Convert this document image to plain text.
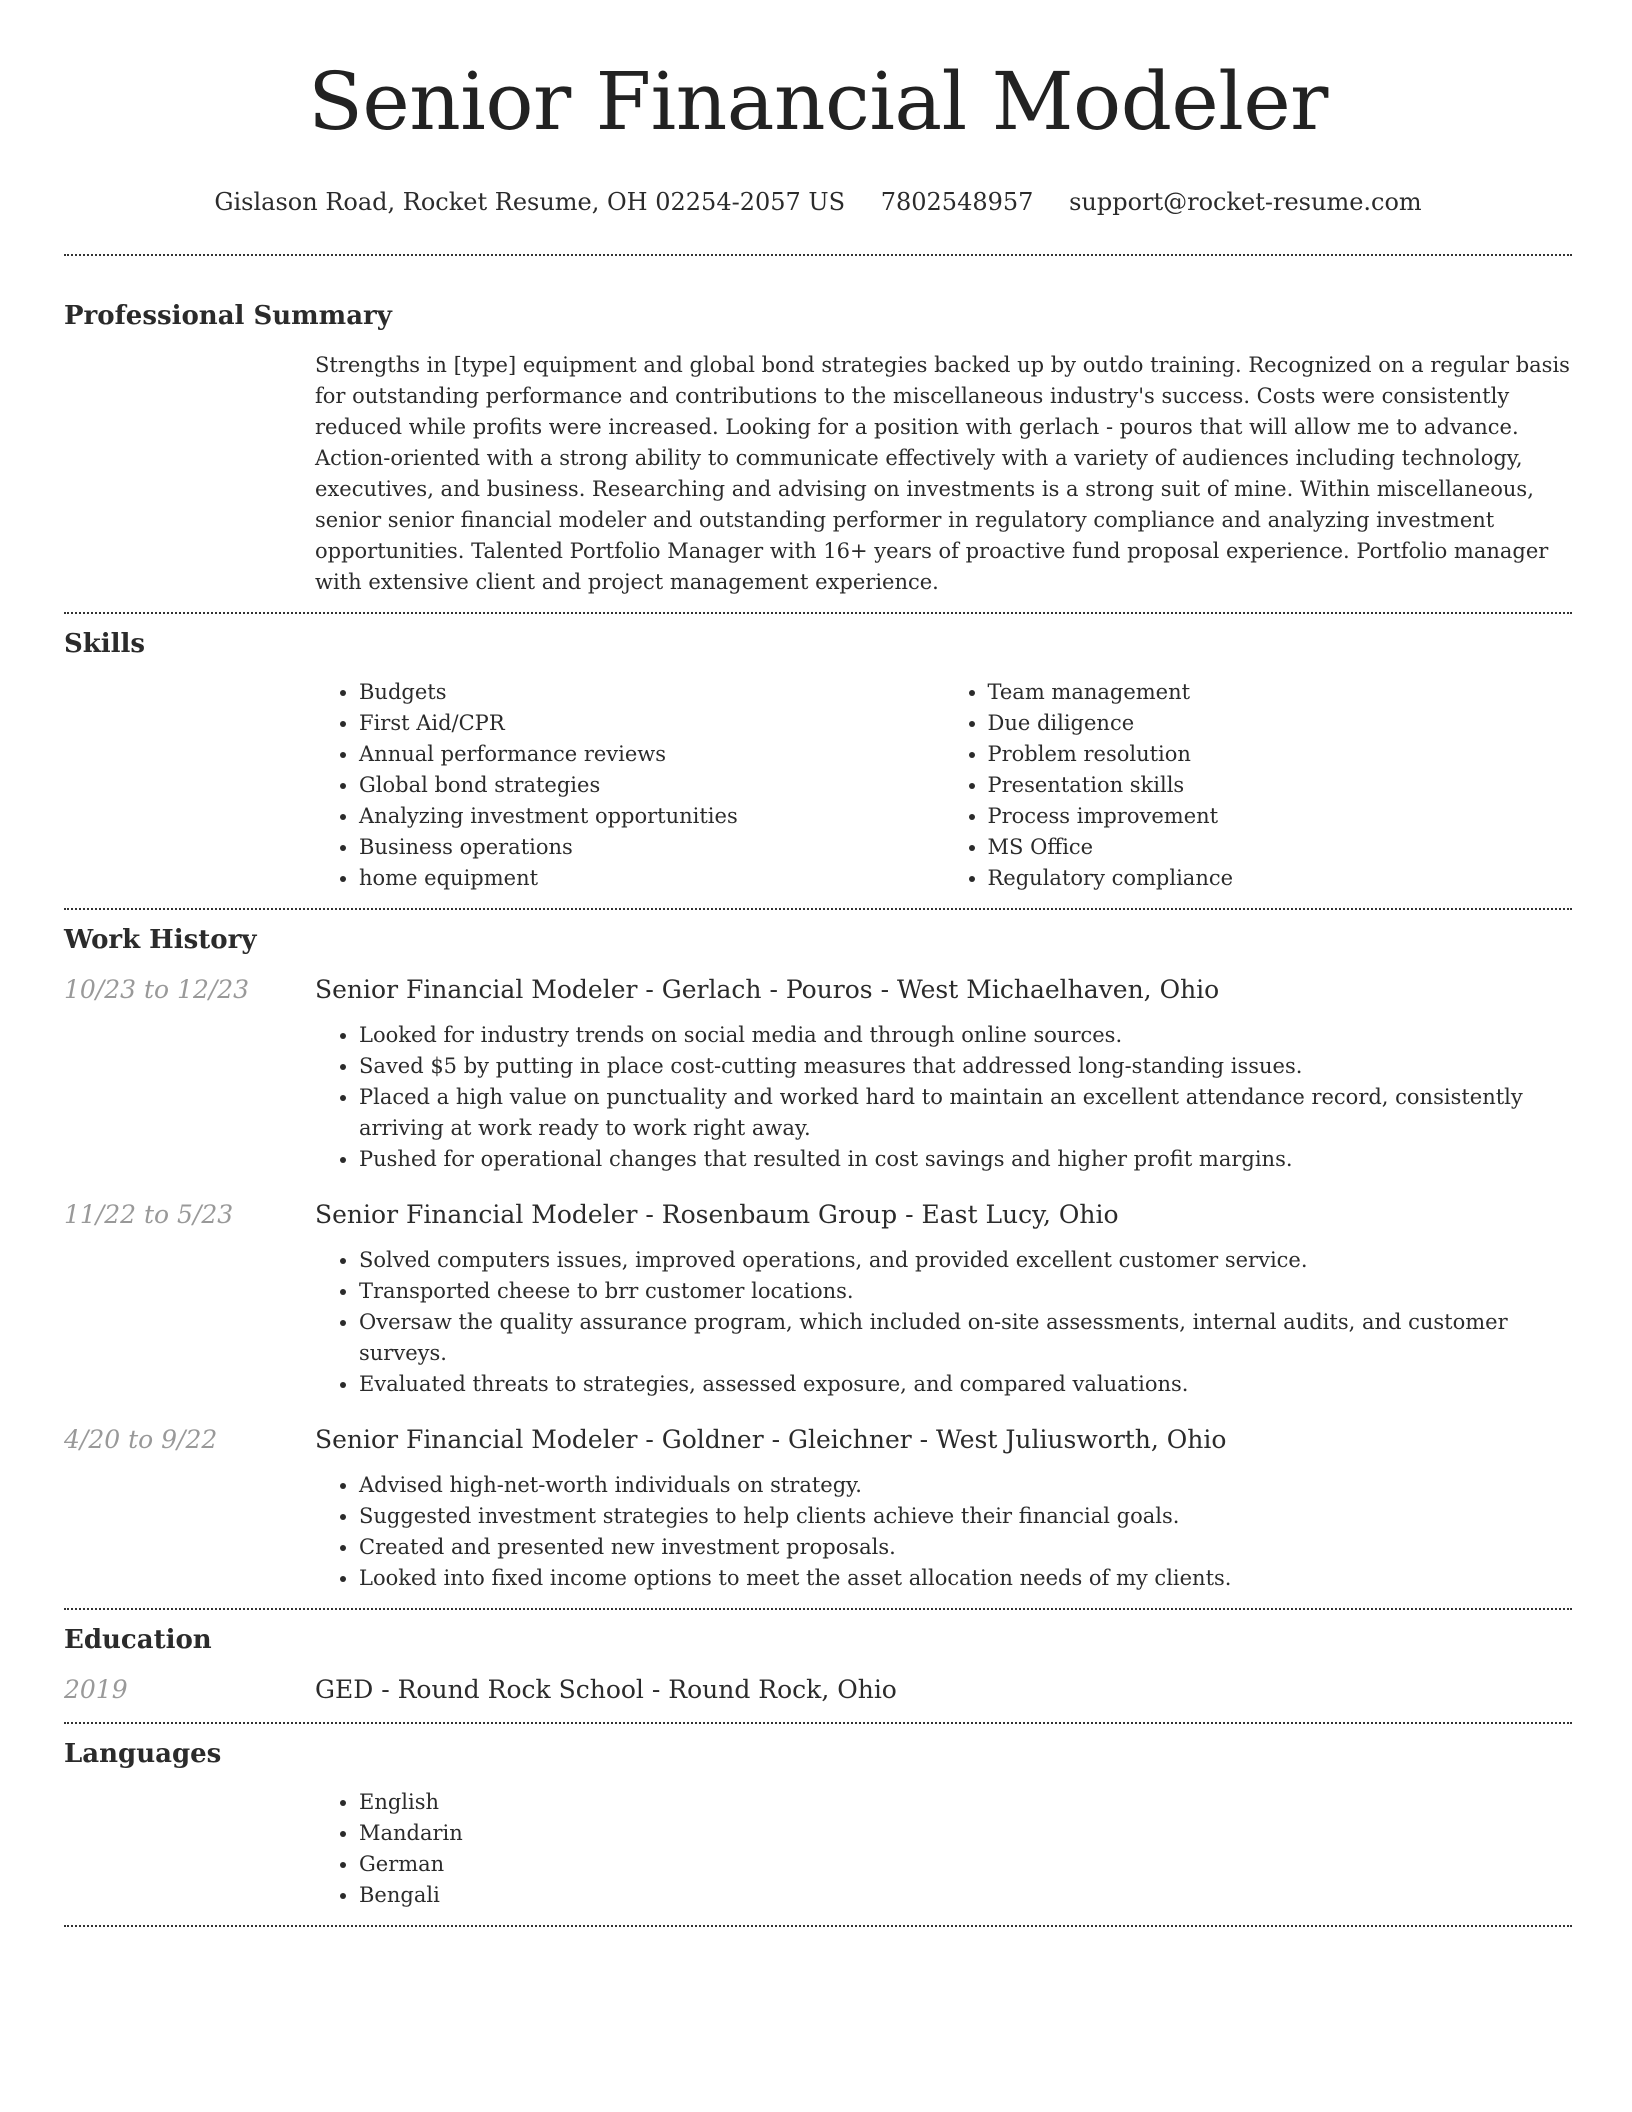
Senior Financial Modeler
Gislason Road, Rocket Resume, OH 02254-2057 US 7802548957 support@rocket-resume.com
Professional Summary
Strengths in [type] equipment and global bond strategies backed up by outdo training. Recognized on a regular basis for outstanding performance and contributions to the miscellaneous industry's success. Costs were consistently reduced while profits were increased. Looking for a position with gerlach - pouros that will allow me to advance. Action-oriented with a strong ability to communicate effectively with a variety of audiences including technology, executives, and business. Researching and advising on investments is a strong suit of mine. Within miscellaneous, senior senior financial modeler and outstanding performer in regulatory compliance and analyzing investment opportunities. Talented Portfolio Manager with 16+ years of proactive fund proposal experience. Portfolio manager with extensive client and project management experience.
Skills
• Budgets
• First Aid/CPR
• Annual performance reviews
• Global bond strategies
• Analyzing investment opportunities
• Business operations
• home equipment
• Team management
• Due diligence
• Problem resolution
• Presentation skills
• Process improvement
• MS Office
• Regulatory compliance
Work History
10/23 to 12/23	Senior Financial Modeler - Gerlach - Pouros - West Michaelhaven, Ohio
• Looked for industry trends on social media and through online sources.
• Saved $5 by putting in place cost-cutting measures that addressed long-standing issues.
• Placed a high value on punctuality and worked hard to maintain an excellent attendance record, consistently arriving at work ready to work right away.
• Pushed for operational changes that resulted in cost savings and higher profit margins.
11/22 to 5/23	Senior Financial Modeler - Rosenbaum Group - East Lucy, Ohio
• Solved computers issues, improved operations, and provided excellent customer service.
• Transported cheese to brr customer locations.
• Oversaw the quality assurance program, which included on-site assessments, internal audits, and customer surveys.
• Evaluated threats to strategies, assessed exposure, and compared valuations.
4/20 to 9/22	Senior Financial Modeler - Goldner - Gleichner - West Juliusworth, Ohio
• Advised high-net-worth individuals on strategy.
• Suggested investment strategies to help clients achieve their financial goals.
• Created and presented new investment proposals.
• Looked into fixed income options to meet the asset allocation needs of my clients.
Education
2019	GED - Round Rock School - Round Rock, Ohio
Languages
• English
• Mandarin
• German
• Bengali
